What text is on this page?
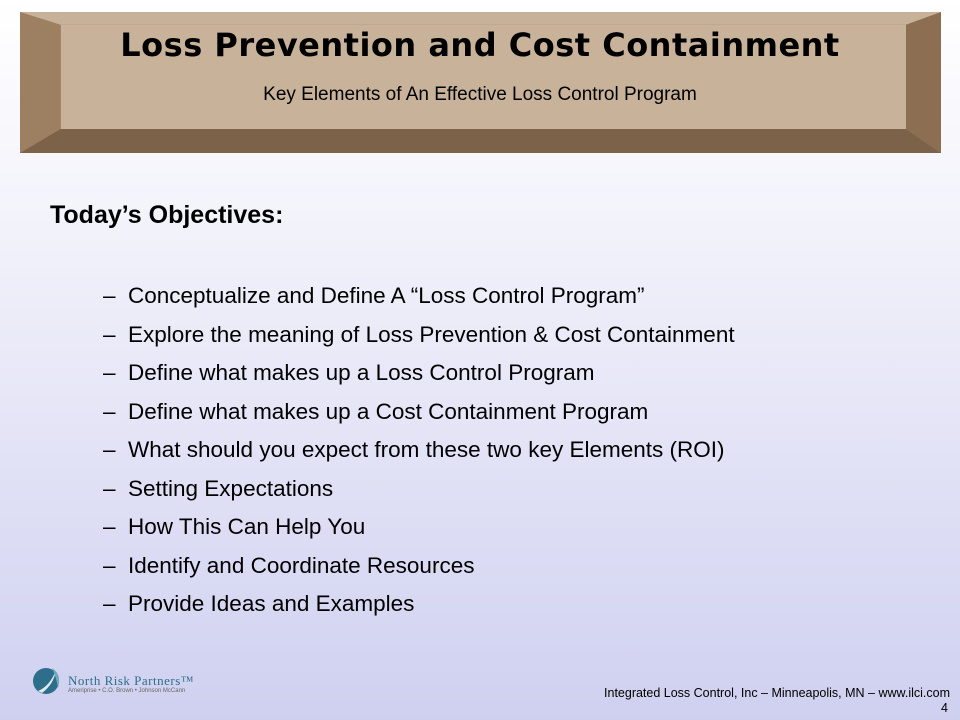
Loss Prevention and Cost Containment
Key Elements of An Effective Loss Control Program
Today’s Objectives:
– Conceptualize and Define A “Loss Control Program”
– Explore the meaning of Loss Prevention & Cost Containment
– Define what makes up a Loss Control Program
– Define what makes up a Cost Containment Program
– What should you expect from these two key Elements (ROI)
– Setting Expectations
– How This Can Help You
– Identify and Coordinate Resources
– Provide Ideas and Examples
North Risk Partners™
Ameriprise • C.O. Brown • Johnson McCann	Integrated Loss Control, Inc – Minneapolis, MN – www.ilci.com
4
